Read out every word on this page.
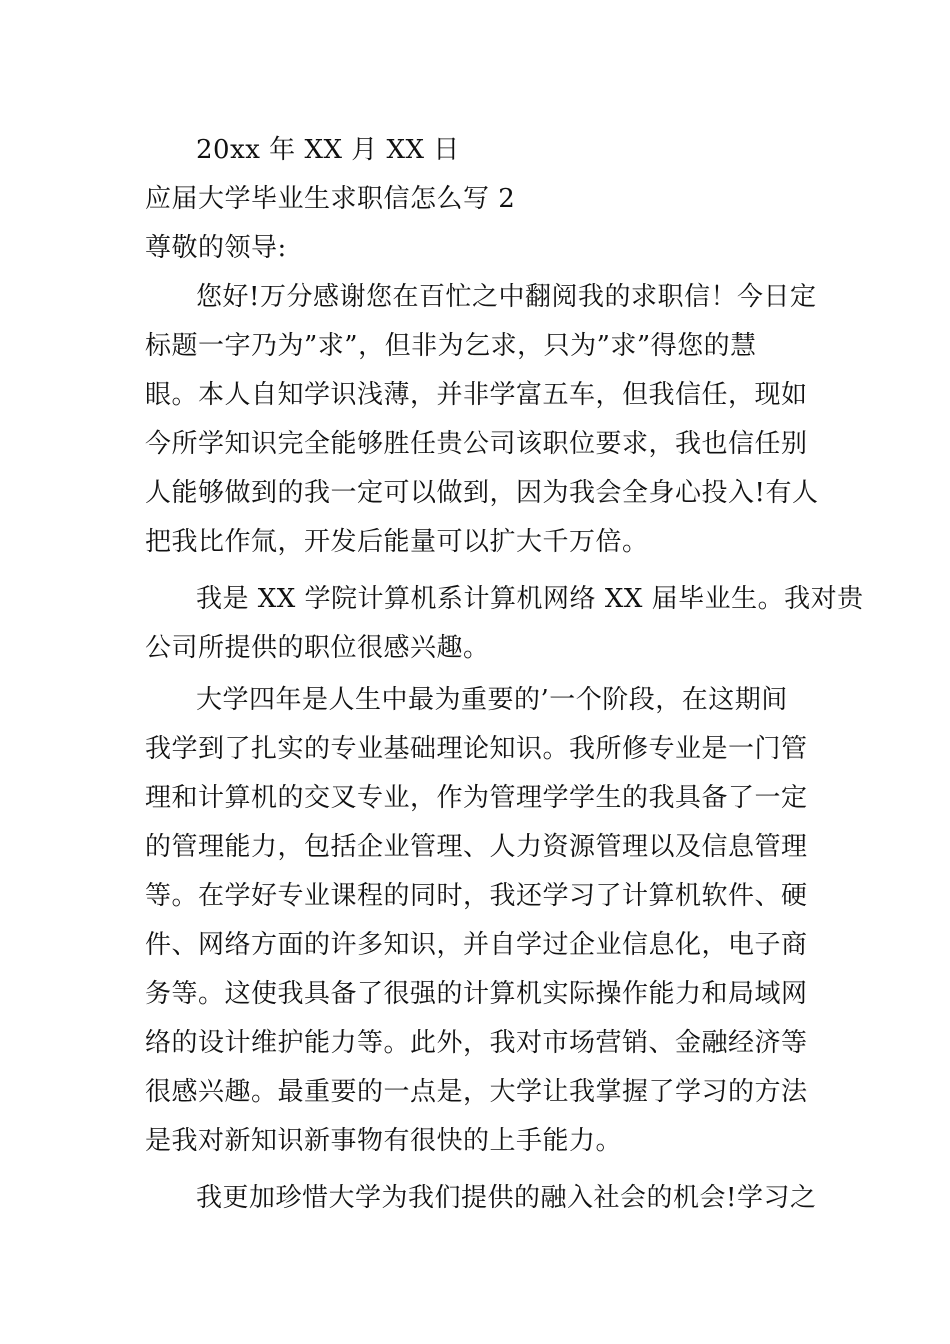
20xx 年 XX 月 XX 日
应届大学毕业生求职信怎么写 2
尊敬的领导:
您好!万分感谢您在百忙之中翻阅我的求职信！今日定
标题一字乃为”求”，但非为乞求，只为”求”得您的慧
眼。本人自知学识浅薄，并非学富五车，但我信任，现如
今所学知识完全能够胜任贵公司该职位要求，我也信任别
人能够做到的我一定可以做到，因为我会全身心投入!有人
把我比作氚，开发后能量可以扩大千万倍。
我是 XX 学院计算机系计算机网络 XX 届毕业生。我对贵
公司所提供的职位很感兴趣。
大学四年是人生中最为重要的’一个阶段，在这期间
我学到了扎实的专业基础理论知识。我所修专业是一门管
理和计算机的交叉专业，作为管理学学生的我具备了一定
的管理能力，包括企业管理、人力资源管理以及信息管理
等。在学好专业课程的同时，我还学习了计算机软件、硬
件、网络方面的许多知识，并自学过企业信息化，电子商
务等。这使我具备了很强的计算机实际操作能力和局域网
络的设计维护能力等。此外，我对市场营销、金融经济等
很感兴趣。最重要的一点是，大学让我掌握了学习的方法
是我对新知识新事物有很快的上手能力。
我更加珍惜大学为我们提供的融入社会的机会!学习之
